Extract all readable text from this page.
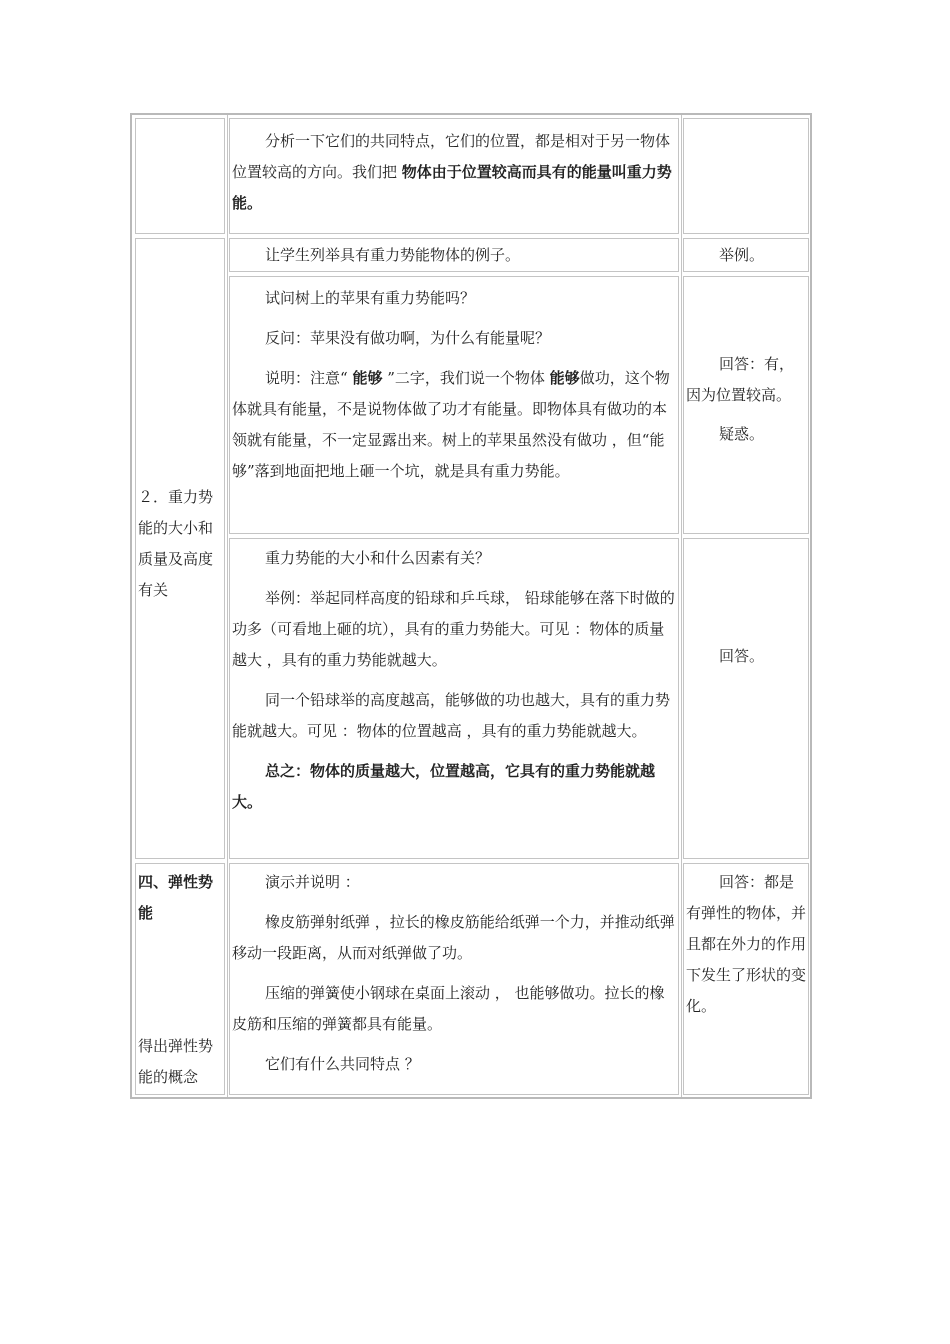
分析一下它们的共同特点，它们的位置，都是相对于另一物体位置较高的方向。我们把 物体由于位置较高而具有的能量叫重力势能。

２．重力势能的大小和质量及高度有关

让学生列举具有重力势能物体的例子。	举例。

试问树上的苹果有重力势能吗？

反问：苹果没有做功啊，为什么有能量呢？

说明：注意“ 能够 ”二字，我们说一个物体 能够做功，这个物体就具有能量，不是说物体做了功才有能量。即物体具有做功的本领就有能量，不一定显露出来。树上的苹果虽然没有做功 ，但“能够”落到地面把地上砸一个坑，就是具有重力势能。

回答：有，因为位置较高。

疑惑。

重力势能的大小和什么因素有关？

举例：举起同样高度的铅球和乒乓球， 铅球能够在落下时做的功多（可看地上砸的坑），具有的重力势能大。可见 ：物体的质量越大 ，具有的重力势能就越大。

同一个铅球举的高度越高，能够做的功也越大，具有的重力势能就越大。可见 ：物体的位置越高 ，具有的重力势能就越大。

总之：物体的质量越大，位置越高，它具有的重力势能就越大。

回答。

四、弹性势能

得出弹性势能的概念

演示并说明 ：

橡皮筋弹射纸弹 ，拉长的橡皮筋能给纸弹一个力，并推动纸弹移动一段距离，从而对纸弹做了功。

压缩的弹簧使小钢球在桌面上滚动 ， 也能够做功。拉长的橡皮筋和压缩的弹簧都具有能量。

它们有什么共同特点 ？

回答：都是有弹性的物体，并且都在外力的作用下发生了形状的变化。
